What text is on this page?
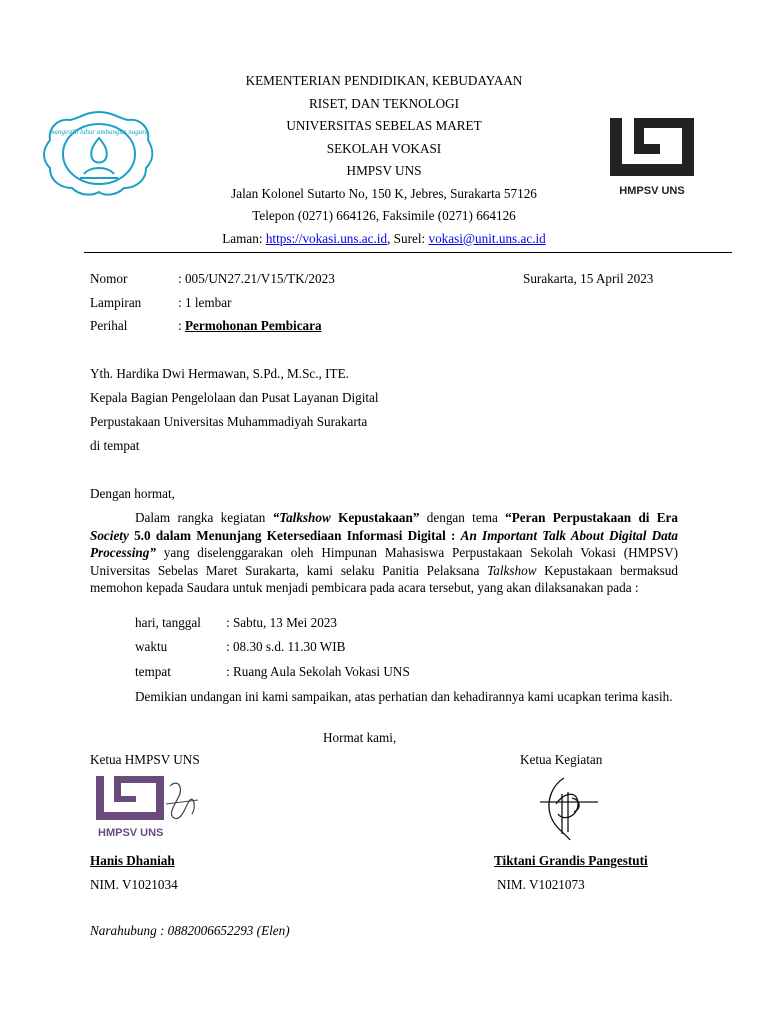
mangesthi luhur ambangun nagara
HMPSV UNS
KEMENTERIAN PENDIDIKAN, KEBUDAYAAN
RISET, DAN TEKNOLOGI
UNIVERSITAS SEBELAS MARET
SEKOLAH VOKASI
HMPSV UNS
Jalan Kolonel Sutarto No, 150 K, Jebres, Surakarta 57126
Telepon (0271) 664126, Faksimile (0271) 664126
Laman: https://vokasi.uns.ac.id, Surel: vokasi@unit.uns.ac.id
Nomor	: 005/UN27.21/V15/TK/2023	Surakarta, 15 April 2023
Lampiran	: 1 lembar
Perihal	: Permohonan Pembicara
Yth. Hardika Dwi Hermawan, S.Pd., M.Sc., ITE.
Kepala Bagian Pengelolaan dan Pusat Layanan Digital
Perpustakaan Universitas Muhammadiyah Surakarta
di tempat
Dengan hormat,
Dalam rangka kegiatan “Talkshow Kepustakaan” dengan tema “Peran Perpustakaan di Era Society 5.0 dalam Menunjang Ketersediaan Informasi Digital : An Important Talk About Digital Data Processing” yang diselenggarakan oleh Himpunan Mahasiswa Perpustakaan Sekolah Vokasi (HMPSV) Universitas Sebelas Maret Surakarta, kami selaku Panitia Pelaksana Talkshow Kepustakaan bermaksud memohon kepada Saudara untuk menjadi pembicara pada acara tersebut, yang akan dilaksanakan pada :
hari, tanggal : Sabtu, 13 Mei 2023
waktu	: 08.30 s.d. 11.30 WIB
tempat	: Ruang Aula Sekolah Vokasi UNS
Demikian undangan ini kami sampaikan, atas perhatian dan kehadirannya kami ucapkan terima kasih.
Hormat kami,
Ketua HMPSV UNS	Ketua Kegiatan
HMPSV UNS
Hanis Dhaniah	Tiktani Grandis Pangestuti
NIM. V1021034	NIM. V1021073
Narahubung : 0882006652293 (Elen)
